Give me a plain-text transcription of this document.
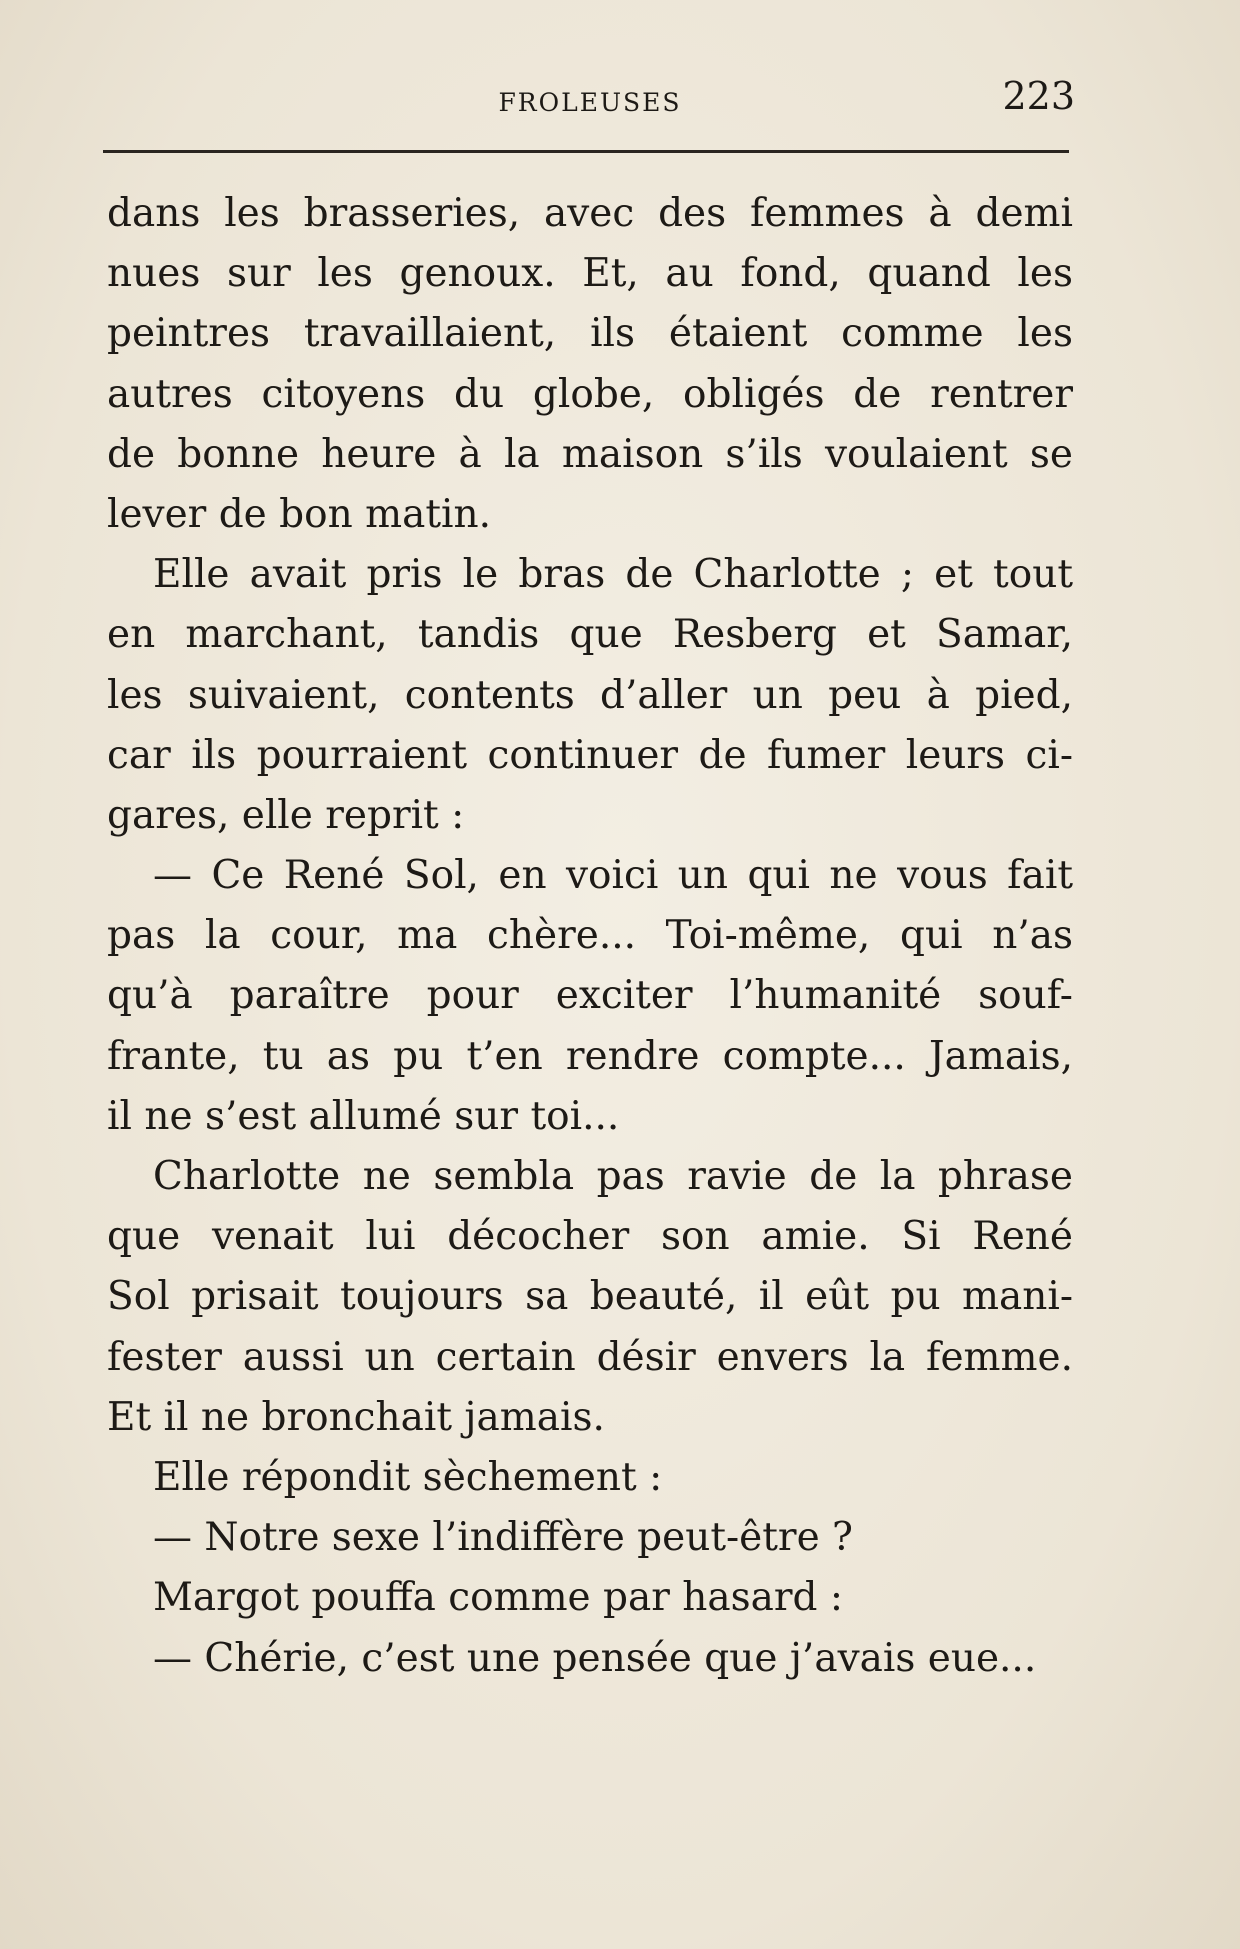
FROLEUSES	223
dans les brasseries, avec des femmes à demi
nues sur les genoux. Et, au fond, quand les
peintres travaillaient, ils étaient comme les
autres citoyens du globe, obligés de rentrer
de bonne heure à la maison s’ils voulaient se
lever de bon matin.
Elle avait pris le bras de Charlotte ; et tout
en marchant, tandis que Resberg et Samar,
les suivaient, contents d’aller un peu à pied,
car ils pourraient continuer de fumer leurs ci-
gares, elle reprit :
— Ce René Sol, en voici un qui ne vous fait
pas la cour, ma chère... Toi-même, qui n’as
qu’à paraître pour exciter l’humanité souf-
frante, tu as pu t’en rendre compte... Jamais,
il ne s’est allumé sur toi...
Charlotte ne sembla pas ravie de la phrase
que venait lui décocher son amie. Si René
Sol prisait toujours sa beauté, il eût pu mani-
fester aussi un certain désir envers la femme.
Et il ne bronchait jamais.
Elle répondit sèchement :
— Notre sexe l’indiffère peut-être ?
Margot pouffa comme par hasard :
— Chérie, c’est une pensée que j’avais eue...
